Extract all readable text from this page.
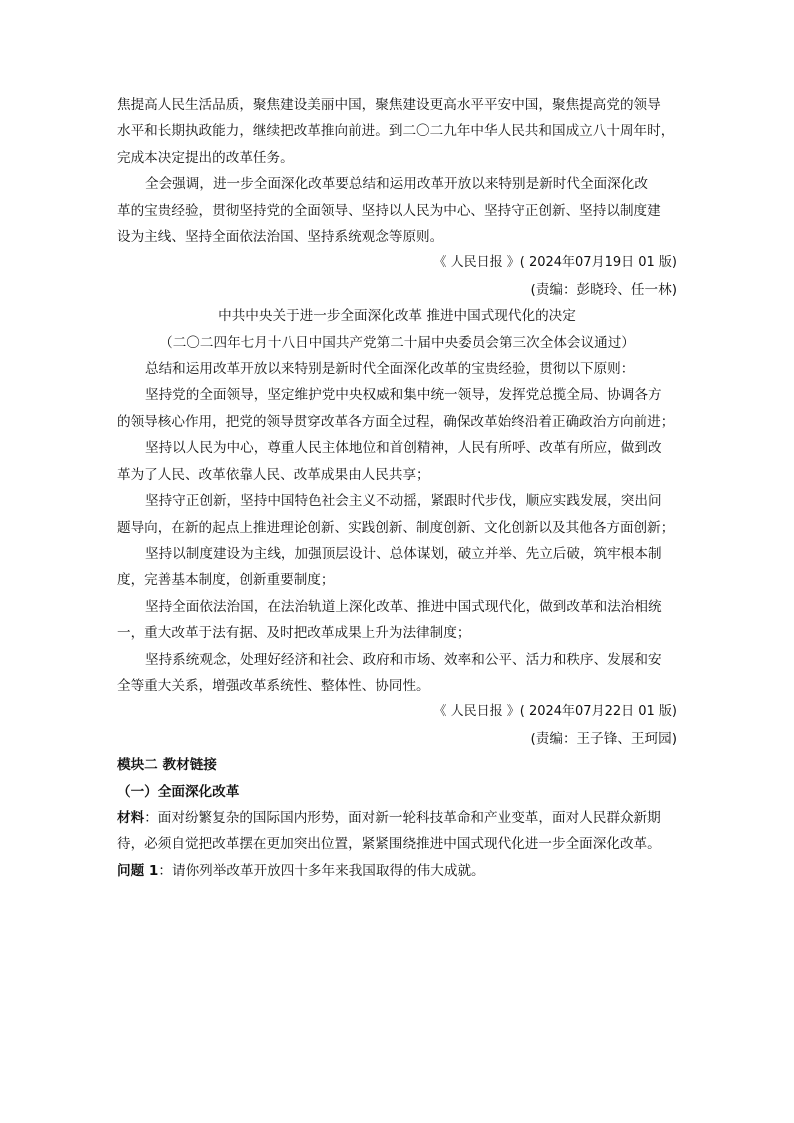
焦提高人民生活品质，聚焦建设美丽中国，聚焦建设更高水平平安中国，聚焦提高党的领导

水平和长期执政能力，继续把改革推向前进。到二〇二九年中华人民共和国成立八十周年时，

完成本决定提出的改革任务。

全会强调，进一步全面深化改革要总结和运用改革开放以来特别是新时代全面深化改

革的宝贵经验，贯彻坚持党的全面领导、坚持以人民为中心、坚持守正创新、坚持以制度建

设为主线、坚持全面依法治国、坚持系统观念等原则。

《 人民日报 》( 2024年07月19日 01 版)

(责编：彭晓玲、任一林)

中共中央关于进一步全面深化改革 推进中国式现代化的决定

（二〇二四年七月十八日中国共产党第二十届中央委员会第三次全体会议通过）

总结和运用改革开放以来特别是新时代全面深化改革的宝贵经验，贯彻以下原则：

坚持党的全面领导，坚定维护党中央权威和集中统一领导，发挥党总揽全局、协调各方

的领导核心作用，把党的领导贯穿改革各方面全过程，确保改革始终沿着正确政治方向前进；

坚持以人民为中心，尊重人民主体地位和首创精神，人民有所呼、改革有所应，做到改

革为了人民、改革依靠人民、改革成果由人民共享；

坚持守正创新，坚持中国特色社会主义不动摇，紧跟时代步伐，顺应实践发展，突出问

题导向，在新的起点上推进理论创新、实践创新、制度创新、文化创新以及其他各方面创新；

坚持以制度建设为主线，加强顶层设计、总体谋划，破立并举、先立后破，筑牢根本制

度，完善基本制度，创新重要制度；

坚持全面依法治国，在法治轨道上深化改革、推进中国式现代化，做到改革和法治相统

一，重大改革于法有据、及时把改革成果上升为法律制度；

坚持系统观念，处理好经济和社会、政府和市场、效率和公平、活力和秩序、发展和安

全等重大关系，增强改革系统性、整体性、协同性。

《 人民日报 》( 2024年07月22日 01 版)

(责编：王子锋、王珂园)

模块二 教材链接

（一）全面深化改革

材料：面对纷繁复杂的国际国内形势，面对新一轮科技革命和产业变革，面对人民群众新期

待，必须自觉把改革摆在更加突出位置，紧紧围绕推进中国式现代化进一步全面深化改革。

问题 1：请你列举改革开放四十多年来我国取得的伟大成就。
